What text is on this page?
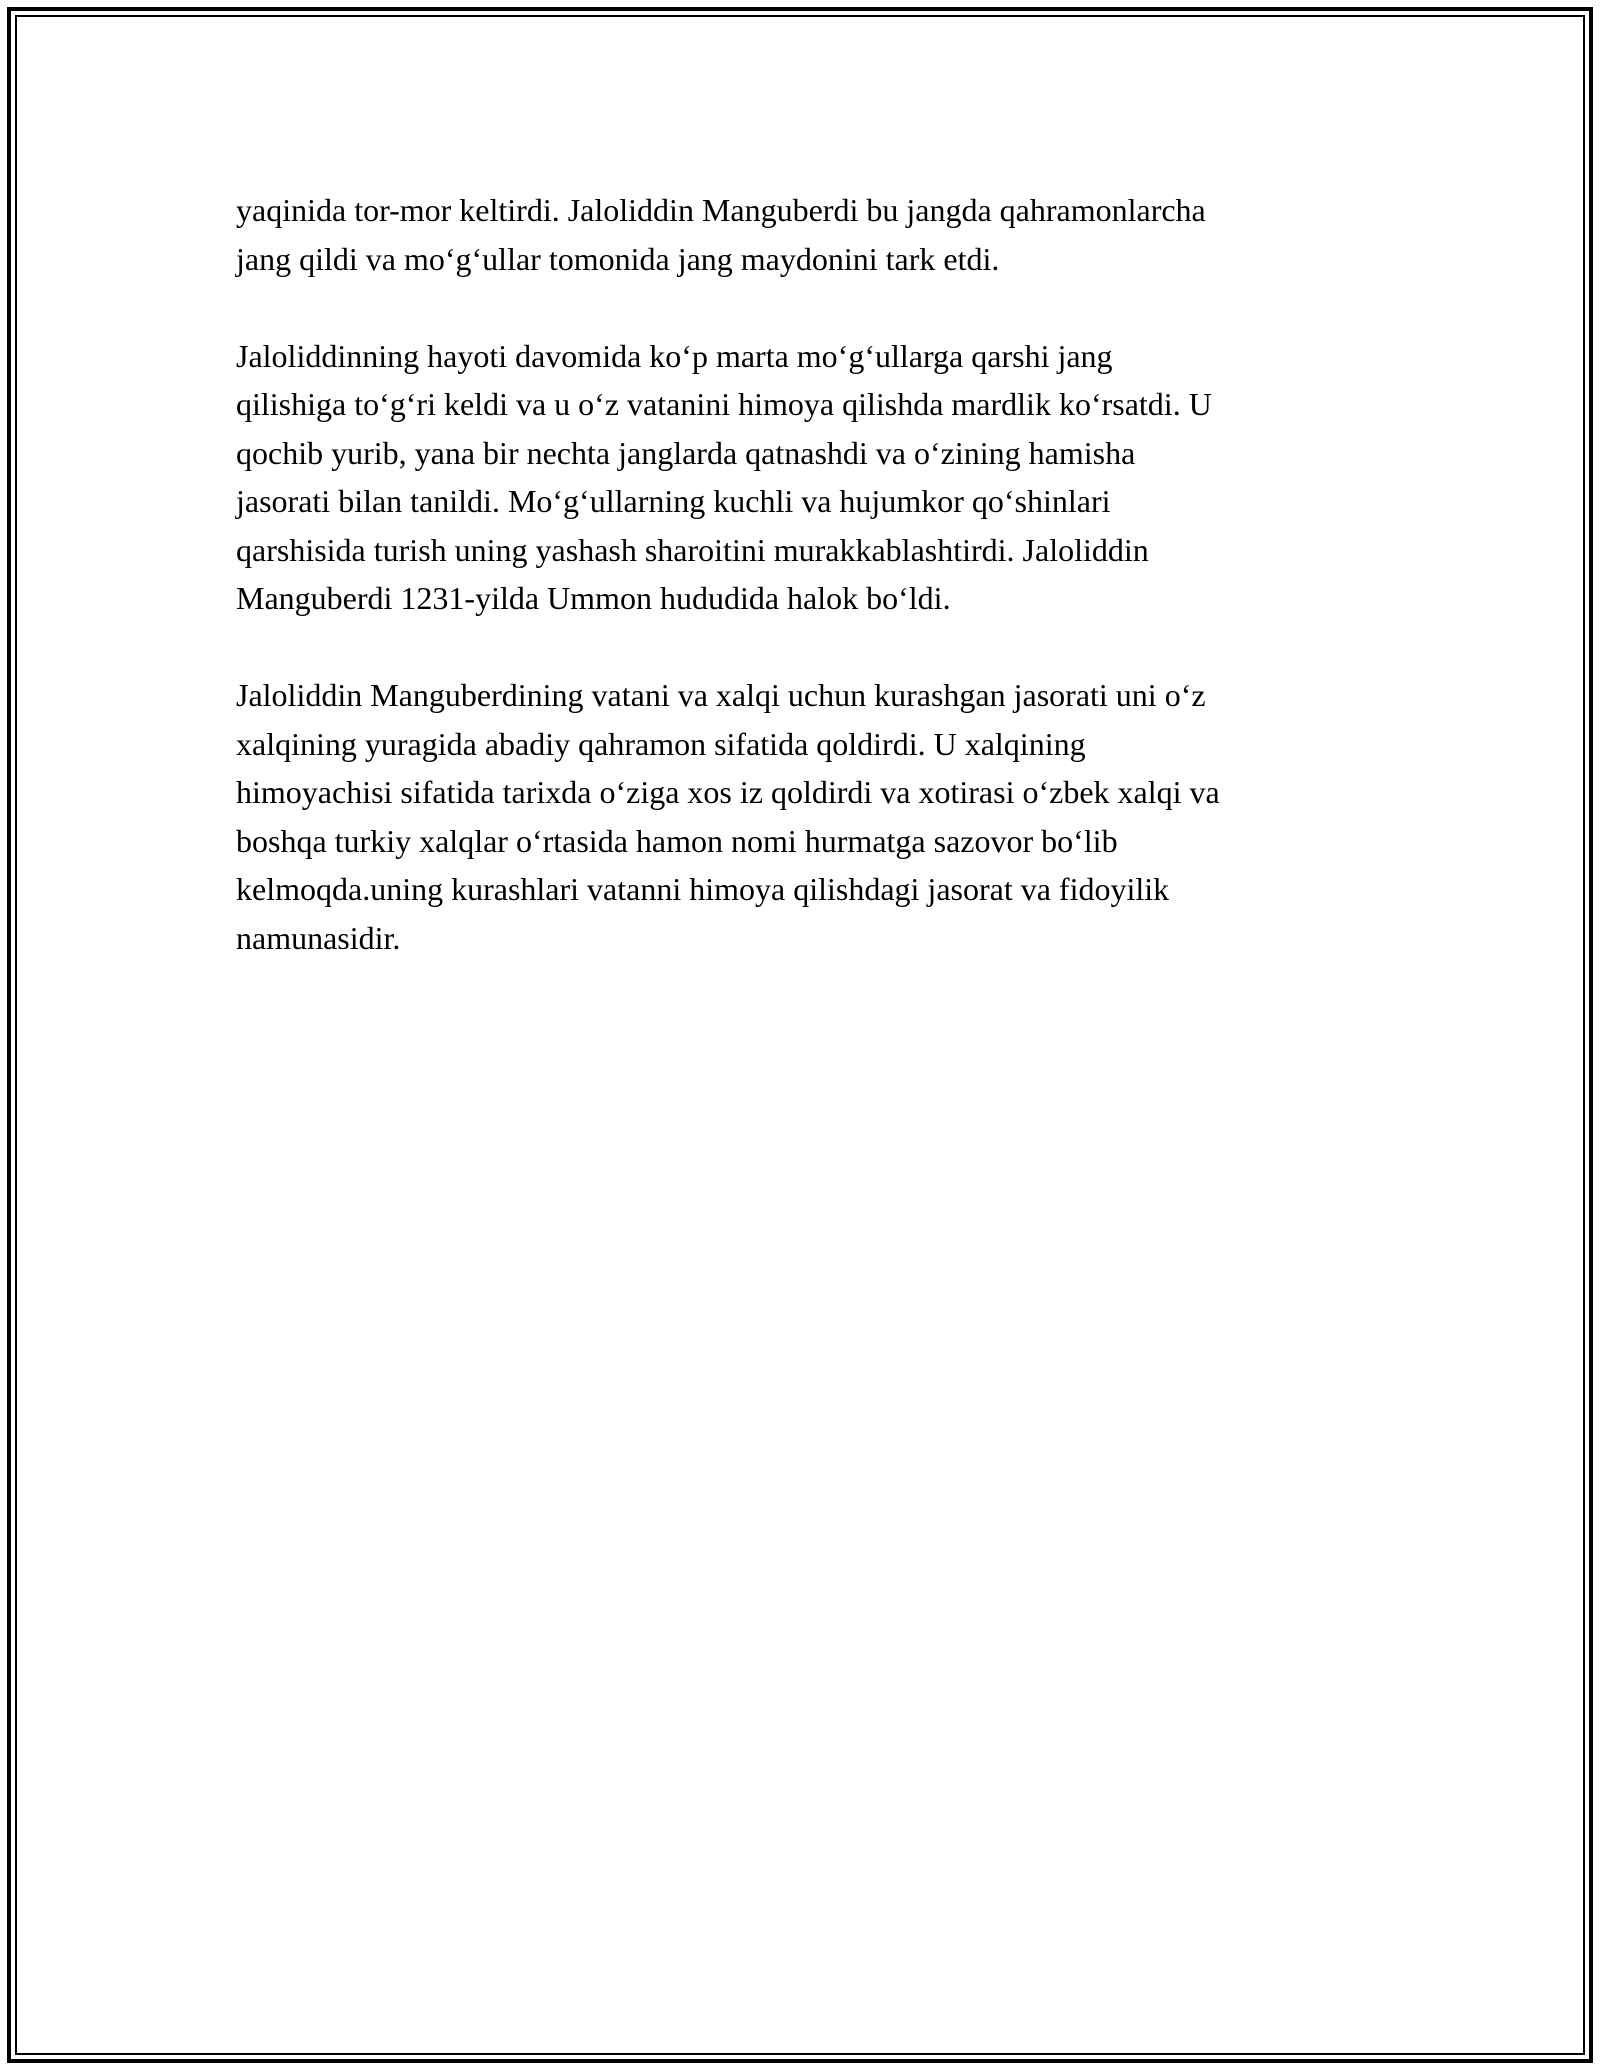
yaqinida tor-mor keltirdi. Jaloliddin Manguberdi bu jangda qahramonlarcha
jang qildi va mo‘g‘ullar tomonida jang maydonini tark etdi.

Jaloliddinning hayoti davomida ko‘p marta mo‘g‘ullarga qarshi jang
qilishiga to‘g‘ri keldi va u o‘z vatanini himoya qilishda mardlik ko‘rsatdi. U
qochib yurib, yana bir nechta janglarda qatnashdi va o‘zining hamisha
jasorati bilan tanildi. Mo‘g‘ullarning kuchli va hujumkor qo‘shinlari
qarshisida turish uning yashash sharoitini murakkablashtirdi. Jaloliddin
Manguberdi 1231-yilda Ummon hududida halok bo‘ldi.

Jaloliddin Manguberdining vatani va xalqi uchun kurashgan jasorati uni o‘z
xalqining yuragida abadiy qahramon sifatida qoldirdi. U xalqining
himoyachisi sifatida tarixda o‘ziga xos iz qoldirdi va xotirasi o‘zbek xalqi va
boshqa turkiy xalqlar o‘rtasida hamon nomi hurmatga sazovor bo‘lib
kelmoqda.uning kurashlari vatanni himoya qilishdagi jasorat va fidoyilik
namunasidir.
